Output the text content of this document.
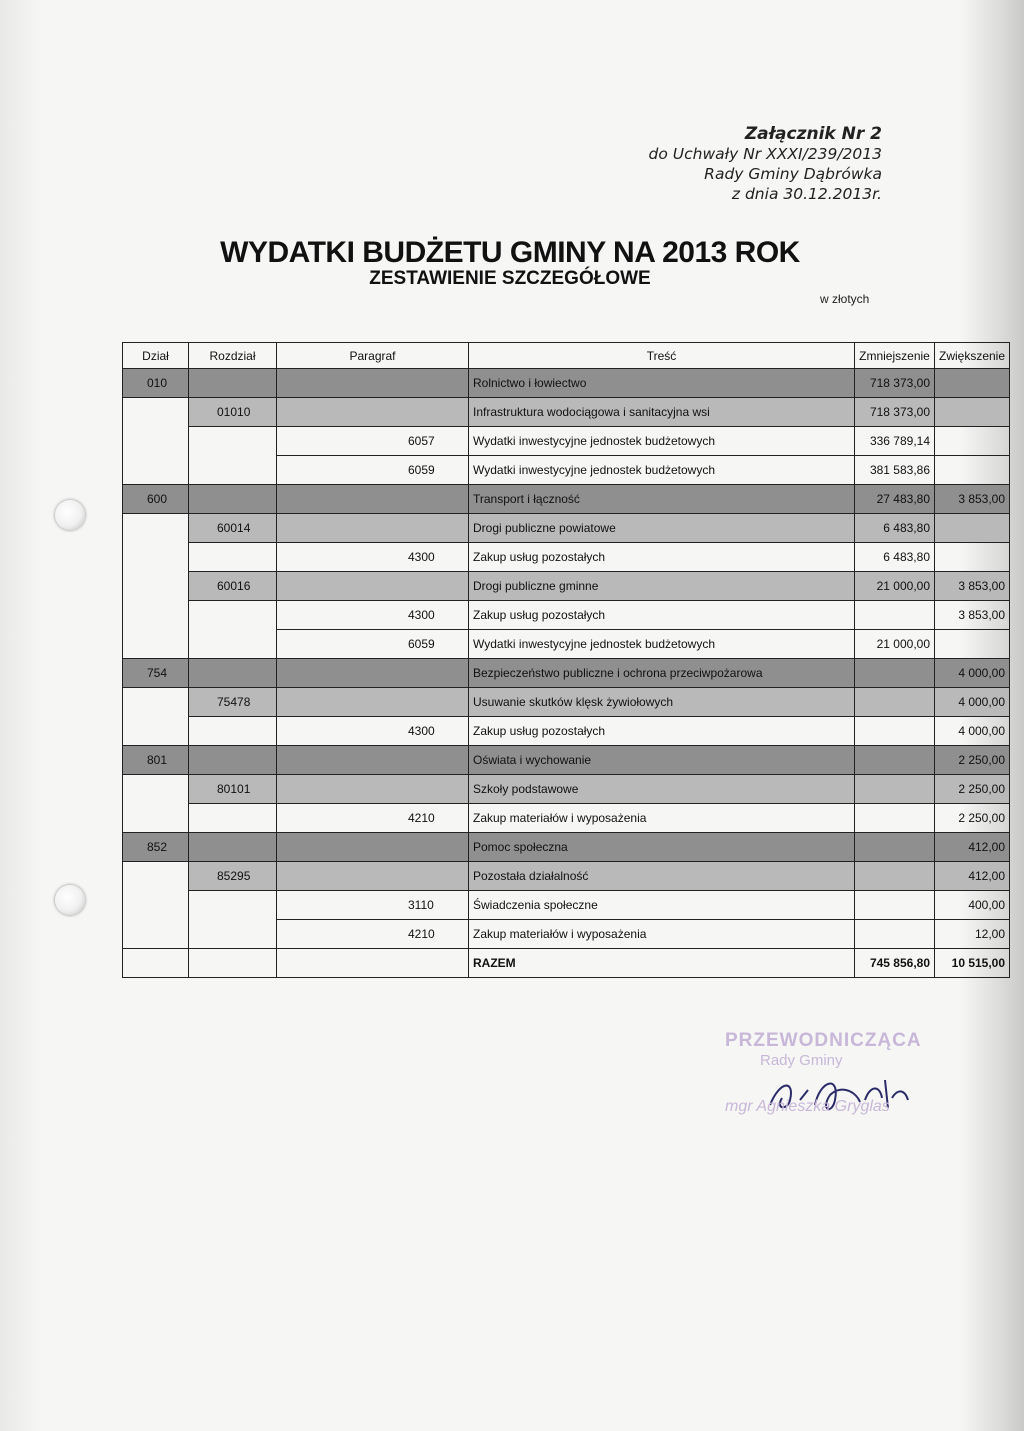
Załącznik Nr 2
do Uchwały Nr XXXI/239/2013
Rady Gminy Dąbrówka
z dnia 30.12.2013r.
WYDATKI BUDŻETU GMINY NA 2013 ROK
ZESTAWIENIE SZCZEGÓŁOWE
w złotych
Dział	Rozdział	Paragraf	Treść	Zmniejszenie	Zwiększenie
010			Rolnictwo i łowiectwo	718 373,00	
	01010		Infrastruktura wodociągowa i sanitacyjna wsi	718 373,00	
		6057	Wydatki inwestycyjne jednostek budżetowych	336 789,14	
		6059	Wydatki inwestycyjne jednostek budżetowych	381 583,86	
600			Transport i łączność	27 483,80	3 853,00
	60014		Drogi publiczne powiatowe	6 483,80	
		4300	Zakup usług pozostałych	6 483,80	
	60016		Drogi publiczne gminne	21 000,00	3 853,00
		4300	Zakup usług pozostałych		3 853,00
		6059	Wydatki inwestycyjne jednostek budżetowych	21 000,00	
754			Bezpieczeństwo publiczne i ochrona przeciwpożarowa		4 000,00
	75478		Usuwanie skutków klęsk żywiołowych		4 000,00
		4300	Zakup usług pozostałych		4 000,00
801			Oświata i wychowanie		2 250,00
	80101		Szkoły podstawowe		2 250,00
		4210	Zakup materiałów i wyposażenia		2 250,00
852			Pomoc społeczna		412,00
	85295		Pozostała działalność		412,00
		3110	Świadczenia społeczne		400,00
		4210	Zakup materiałów i wyposażenia		12,00
			RAZEM	745 856,80	10 515,00
PRZEWODNICZĄCA
Rady Gminy
mgr Agnieszka Gryglas
